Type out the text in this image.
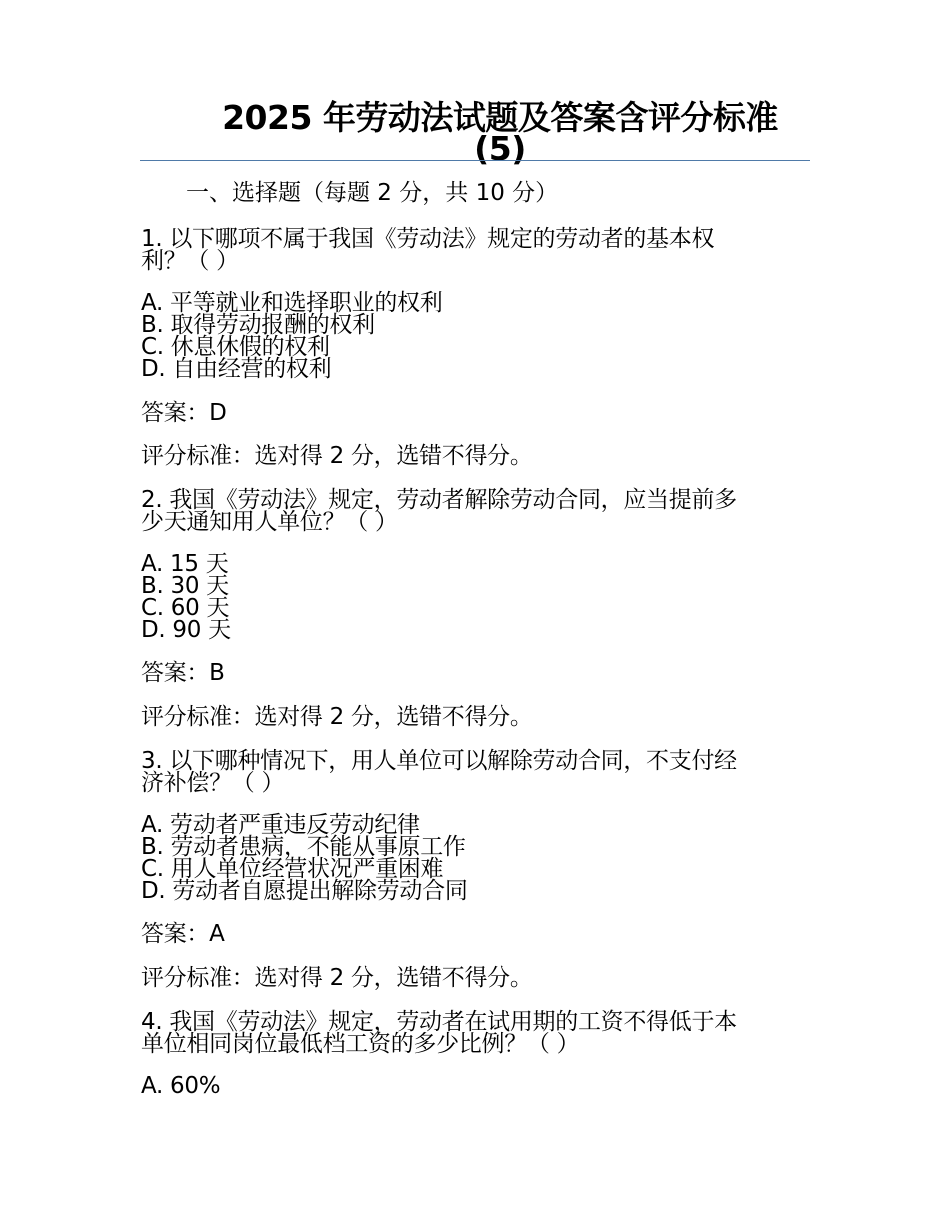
2025 年劳动法试题及答案含评分标准
(5)
一、选择题（每题 2 分，共 10 分）
1. 以下哪项不属于我国《劳动法》规定的劳动者的基本权
利？（ ）
A. 平等就业和选择职业的权利
B. 取得劳动报酬的权利
C. 休息休假的权利
D. 自由经营的权利
答案：D
评分标准：选对得 2 分，选错不得分。
2. 我国《劳动法》规定，劳动者解除劳动合同，应当提前多
少天通知用人单位？（ ）
A. 15 天
B. 30 天
C. 60 天
D. 90 天
答案：B
评分标准：选对得 2 分，选错不得分。
3. 以下哪种情况下，用人单位可以解除劳动合同，不支付经
济补偿？（ ）
A. 劳动者严重违反劳动纪律
B. 劳动者患病，不能从事原工作
C. 用人单位经营状况严重困难
D. 劳动者自愿提出解除劳动合同
答案：A
评分标准：选对得 2 分，选错不得分。
4. 我国《劳动法》规定，劳动者在试用期的工资不得低于本
单位相同岗位最低档工资的多少比例？（ ）
A. 60%
